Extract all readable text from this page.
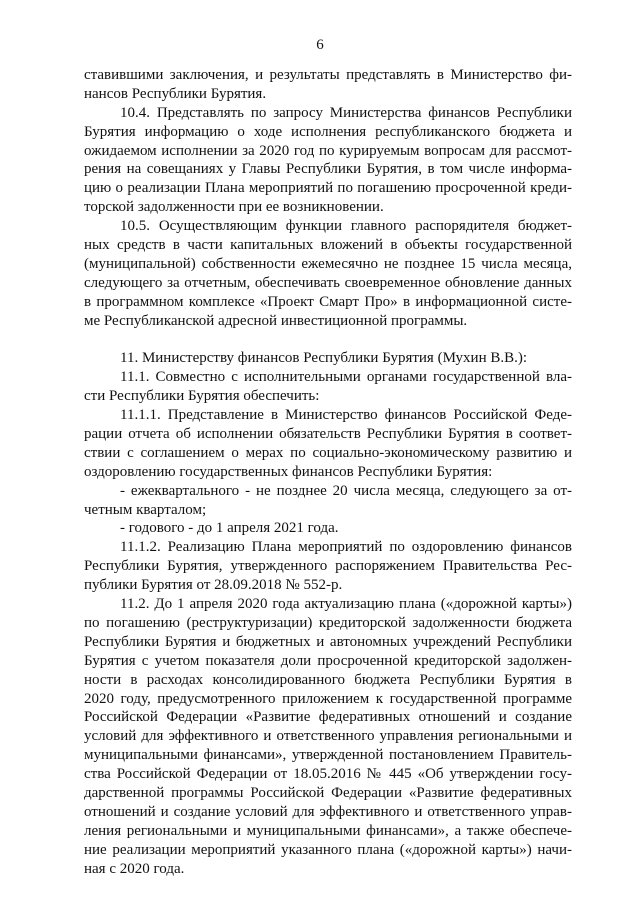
6
ставившими заключения, и результаты представлять в Министерство фи-
нансов Республики Бурятия.
10.4. Представлять по запросу Министерства финансов Республики
Бурятия информацию о ходе исполнения республиканского бюджета и
ожидаемом исполнении за 2020 год по курируемым вопросам для рассмот-
рения на совещаниях у Главы Республики Бурятия, в том числе информа-
цию о реализации Плана мероприятий по погашению просроченной креди-
торской задолженности при ее возникновении.
10.5. Осуществляющим функции главного распорядителя бюджет-
ных средств в части капитальных вложений в объекты государственной
(муниципальной) собственности ежемесячно не позднее 15 числа месяца,
следующего за отчетным, обеспечивать своевременное обновление данных
в программном комплексе «Проект Смарт Про» в информационной систе-
ме Республиканской адресной инвестиционной программы.
11. Министерству финансов Республики Бурятия (Мухин В.В.):
11.1. Совместно с исполнительными органами государственной вла-
сти Республики Бурятия обеспечить:
11.1.1. Представление в Министерство финансов Российской Феде-
рации отчета об исполнении обязательств Республики Бурятия в соответ-
ствии с соглашением о мерах по социально-экономическому развитию и
оздоровлению государственных финансов Республики Бурятия:
- ежеквартального - не позднее 20 числа месяца, следующего за от-
четным кварталом;
- годового - до 1 апреля 2021 года.
11.1.2. Реализацию Плана мероприятий по оздоровлению финансов
Республики Бурятия, утвержденного распоряжением Правительства Рес-
публики Бурятия от 28.09.2018 № 552-р.
11.2. До 1 апреля 2020 года актуализацию плана («дорожной карты»)
по погашению (реструктуризации) кредиторской задолженности бюджета
Республики Бурятия и бюджетных и автономных учреждений Республики
Бурятия с учетом показателя доли просроченной кредиторской задолжен-
ности в расходах консолидированного бюджета Республики Бурятия в
2020 году, предусмотренного приложением к государственной программе
Российской Федерации «Развитие федеративных отношений и создание
условий для эффективного и ответственного управления региональными и
муниципальными финансами», утвержденной постановлением Правитель-
ства Российской Федерации от 18.05.2016 № 445 «Об утверждении госу-
дарственной программы Российской Федерации «Развитие федеративных
отношений и создание условий для эффективного и ответственного управ-
ления региональными и муниципальными финансами», а также обеспече-
ние реализации мероприятий указанного плана («дорожной карты») начи-
ная с 2020 года.
